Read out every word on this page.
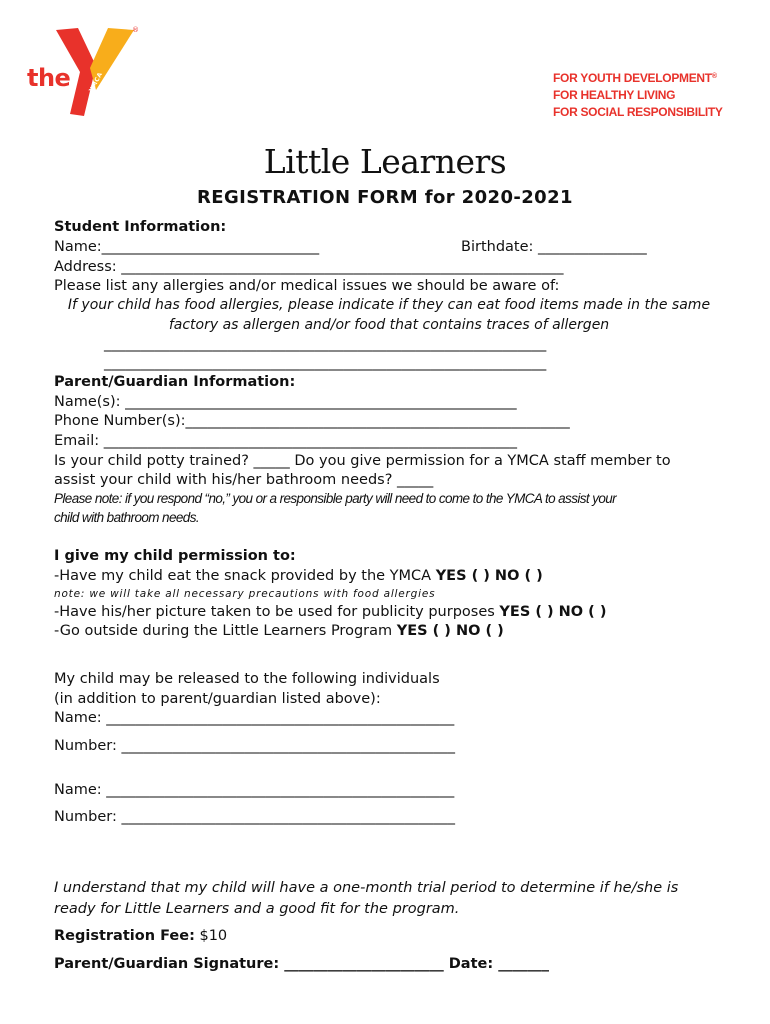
the	YMCA
®
FOR YOUTH DEVELOPMENT®
FOR HEALTHY LIVING
FOR SOCIAL RESPONSIBILITY
Little Learners
REGISTRATION FORM for 2020-2021
Student Information:
Name:______________________________	Birthdate: _______________
Address: _____________________________________________________________
Please list any allergies and/or medical issues we should be aware of:
If your child has food allergies, please indicate if they can eat food items made in the same
factory as allergen and/or food that contains traces of allergen
_____________________________________________________________
_____________________________________________________________
Parent/Guardian Information:
Name(s): ______________________________________________________
Phone Number(s):_____________________________________________________
Email: _________________________________________________________
Is your child potty trained? _____ Do you give permission for a YMCA staff member to
assist your child with his/her bathroom needs? _____
Please note: if you respond “no,” you or a responsible party will need to come to the YMCA to assist your
child with bathroom needs.
I give my child permission to:
-Have my child eat the snack provided by the YMCA YES ( ) NO ( )
note: we will take all necessary precautions with food allergies
-Have his/her picture taken to be used for publicity purposes YES ( ) NO ( )
-Go outside during the Little Learners Program YES ( ) NO ( )
My child may be released to the following individuals
(in addition to parent/guardian listed above):
Name: ________________________________________________
Number: ______________________________________________
Name: ________________________________________________
Number: ______________________________________________
I understand that my child will have a one-month trial period to determine if he/she is
ready for Little Learners and a good fit for the program.
Registration Fee: $10
Parent/Guardian Signature: ______________________ Date: _______
